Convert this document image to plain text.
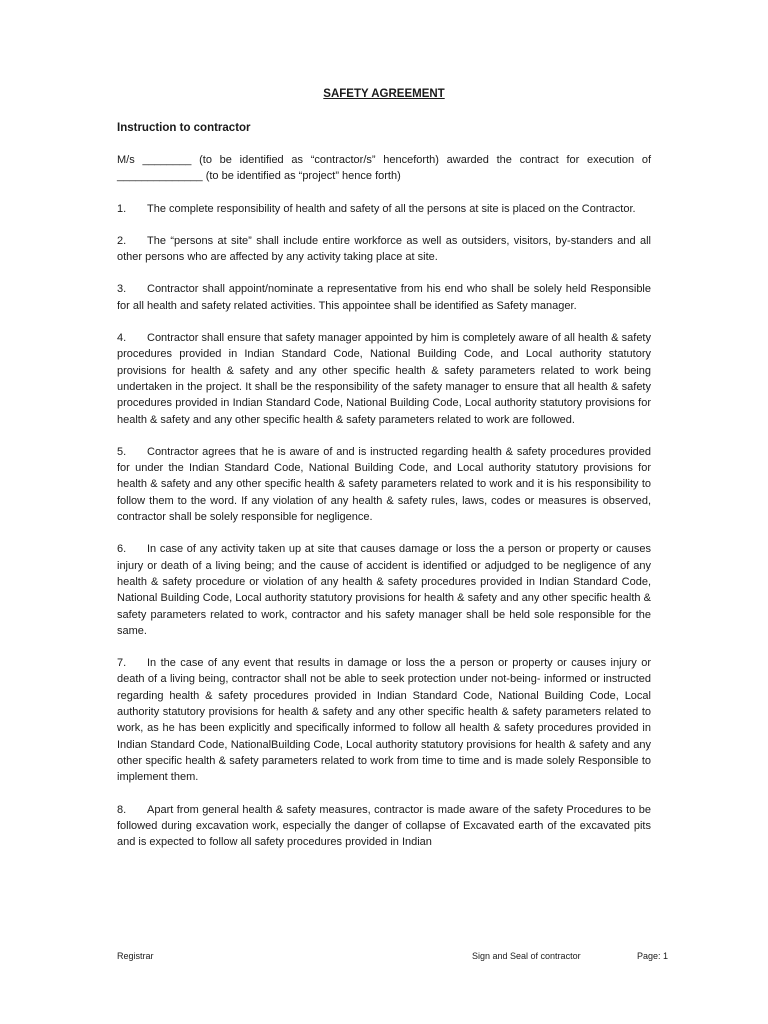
SAFETY AGREEMENT
Instruction to contractor

M/s ________ (to be identified as “contractor/s” henceforth) awarded the contract for execution of ______________ (to be identified as “project” hence forth)

1. The complete responsibility of health and safety of all the persons at site is placed on the Contractor.

2. The “persons at site” shall include entire workforce as well as outsiders, visitors, by-standers and all other persons who are affected by any activity taking place at site.

3. Contractor shall appoint/nominate a representative from his end who shall be solely held Responsible for all health and safety related activities. This appointee shall be identified as Safety manager.

4. Contractor shall ensure that safety manager appointed by him is completely aware of all health & safety procedures provided in Indian Standard Code, National Building Code, and Local authority statutory provisions for health & safety and any other specific health & safety parameters related to work being undertaken in the project. It shall be the responsibility of the safety manager to ensure that all health & safety procedures provided in Indian Standard Code, National Building Code, Local authority statutory provisions for health & safety and any other specific health & safety parameters related to work are followed.

5. Contractor agrees that he is aware of and is instructed regarding health & safety procedures provided for under the Indian Standard Code, National Building Code, and Local authority statutory provisions for health & safety and any other specific health & safety parameters related to work and it is his responsibility to follow them to the word. If any violation of any health & safety rules, laws, codes or measures is observed, contractor shall be solely responsible for negligence.

6. In case of any activity taken up at site that causes damage or loss the a person or property or causes injury or death of a living being; and the cause of accident is identified or adjudged to be negligence of any health & safety procedure or violation of any health & safety procedures provided in Indian Standard Code, National Building Code, Local authority statutory provisions for health & safety and any other specific health & safety parameters related to work, contractor and his safety manager shall be held sole responsible for the same.

7. In the case of any event that results in damage or loss the a person or property or causes injury or death of a living being, contractor shall not be able to seek protection under not-being- informed or instructed regarding health & safety procedures provided in Indian Standard Code, National Building Code, Local authority statutory provisions for health & safety and any other specific health & safety parameters related to work, as he has been explicitly and specifically informed to follow all health & safety procedures provided in Indian Standard Code, NationalBuilding Code, Local authority statutory provisions for health & safety and any other specific health & safety parameters related to work from time to time and is made solely Responsible to implement them.

8. Apart from general health & safety measures, contractor is made aware of the safety Procedures to be followed during excavation work, especially the danger of collapse of Excavated earth of the excavated pits and is expected to follow all safety procedures provided in Indian

Registrar	Sign and Seal of contractor	Page: 1
